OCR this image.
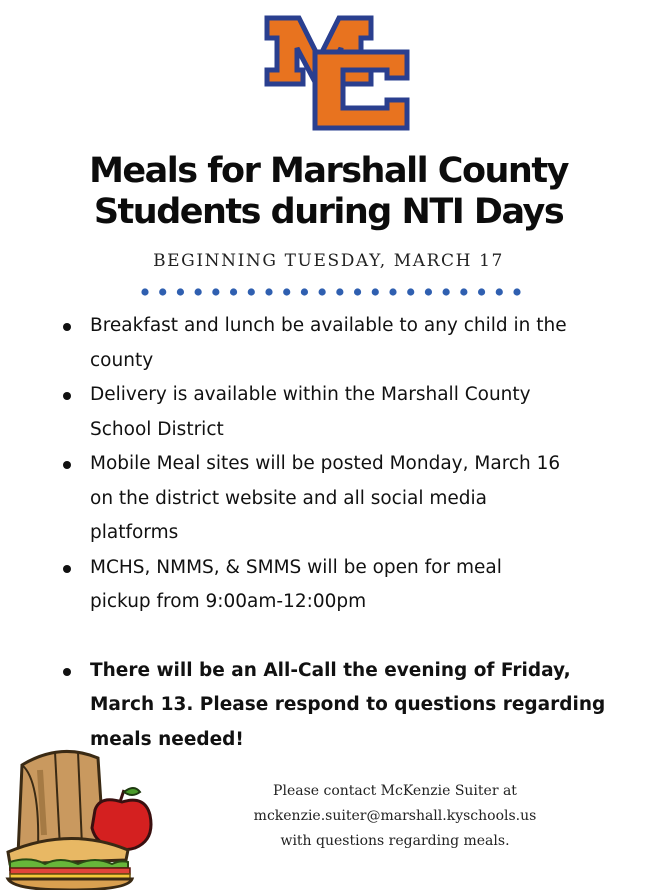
MC
Meals for Marshall County
Students during NTI Days
BEGINNING TUESDAY, MARCH 17
Breakfast and lunch be available to any child in the
county
Delivery is available within the Marshall County
School District
Mobile Meal sites will be posted Monday, March 16
on the district website and all social media
platforms
MCHS, NMMS, & SMMS will be open for meal
pickup from 9:00am-12:00pm
There will be an All-Call the evening of Friday,
March 13. Please respond to questions regarding
meals needed!
Please contact McKenzie Suiter at
mckenzie.suiter@marshall.kyschools.us
with questions regarding meals.
